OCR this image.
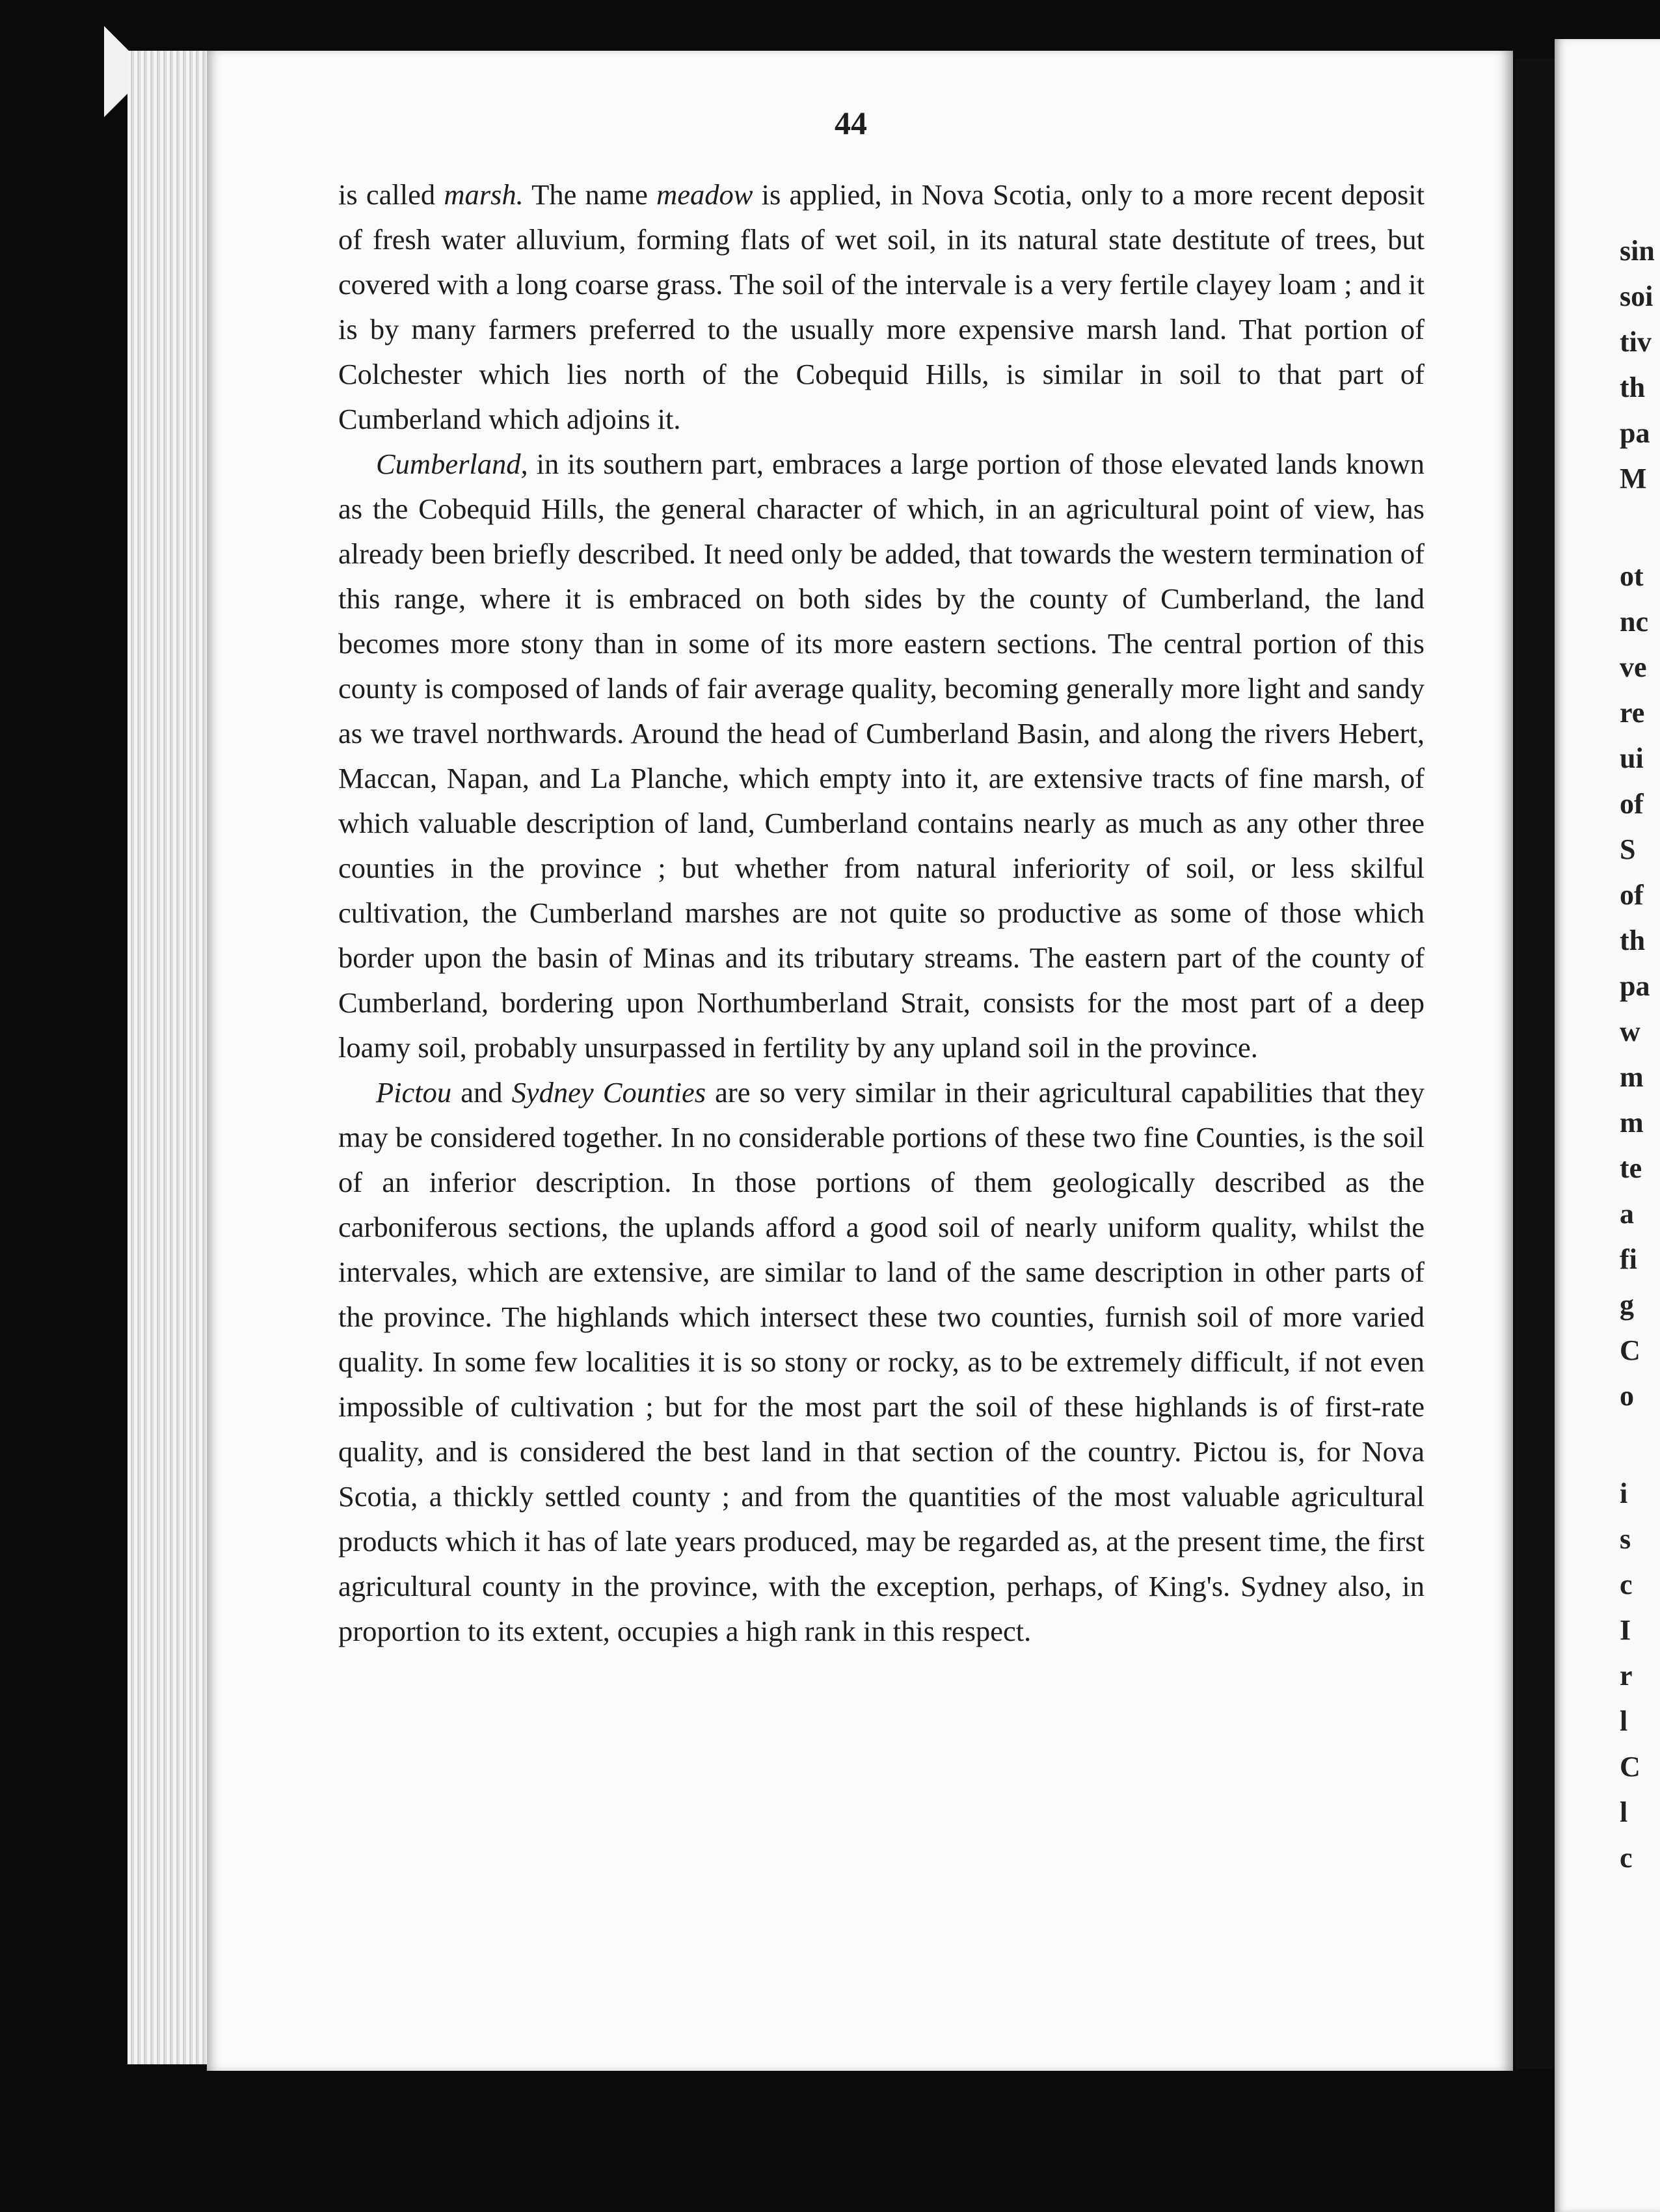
sin
soi
tiv
th
pa
M
ot
nc
ve
re
ui
of
S
of
th
pa
w
m
m
te
a
fi
g
C
o
i
s
c
I
r
l
C
l
c
44

is called marsh. The name meadow is applied, in Nova Scotia, only to a more recent deposit of fresh water alluvium, forming flats of wet soil, in its natural state destitute of trees, but covered with a long coarse grass. The soil of the intervale is a very fertile clayey loam ; and it is by many farmers preferred to the usually more expensive marsh land. That portion of Colchester which lies north of the Cobequid Hills, is similar in soil to that part of Cumberland which adjoins it.

Cumberland, in its southern part, embraces a large portion of those elevated lands known as the Cobequid Hills, the general character of which, in an agricultural point of view, has already been briefly described. It need only be added, that towards the western termination of this range, where it is embraced on both sides by the county of Cumberland, the land becomes more stony than in some of its more eastern sections. The central portion of this county is composed of lands of fair average quality, becoming generally more light and sandy as we travel northwards. Around the head of Cumberland Basin, and along the rivers Hebert, Maccan, Napan, and La Planche, which empty into it, are extensive tracts of fine marsh, of which valuable description of land, Cumberland contains nearly as much as any other three counties in the province ; but whether from natural inferiority of soil, or less skilful cultivation, the Cumberland marshes are not quite so productive as some of those which border upon the basin of Minas and its tributary streams. The eastern part of the county of Cumberland, bordering upon Northumberland Strait, consists for the most part of a deep loamy soil, probably unsurpassed in fertility by any upland soil in the province.

Pictou and Sydney Counties are so very similar in their agricultural capabilities that they may be considered together. In no considerable portions of these two fine Counties, is the soil of an inferior description. In those portions of them geologically described as the carboniferous sections, the uplands afford a good soil of nearly uniform quality, whilst the intervales, which are extensive, are similar to land of the same description in other parts of the province. The highlands which intersect these two counties, furnish soil of more varied quality. In some few localities it is so stony or rocky, as to be extremely difficult, if not even impossible of cultivation ; but for the most part the soil of these highlands is of first-rate quality, and is considered the best land in that section of the country. Pictou is, for Nova Scotia, a thickly settled county ; and from the quantities of the most valuable agricultural products which it has of late years produced, may be regarded as, at the present time, the first agricultural county in the province, with the exception, perhaps, of King's. Sydney also, in proportion to its extent, occupies a high rank in this respect.
